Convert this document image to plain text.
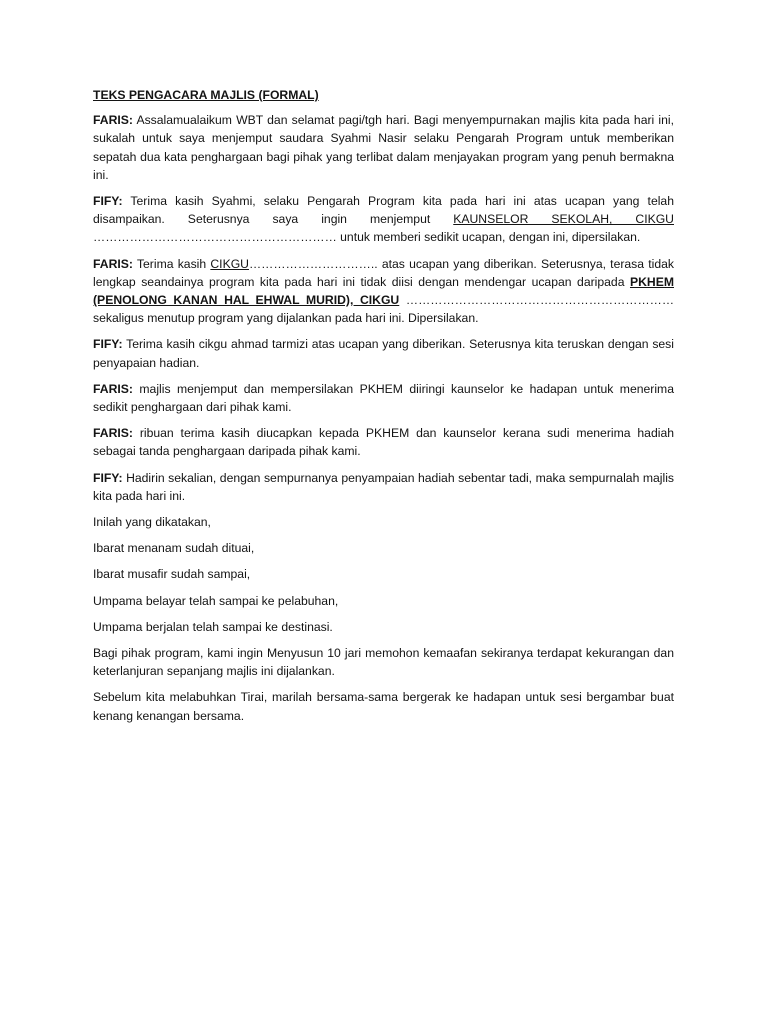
TEKS PENGACARA MAJLIS (FORMAL)

FARIS: Assalamualaikum WBT dan selamat pagi/tgh hari. Bagi menyempurnakan majlis kita pada hari ini, sukalah untuk saya menjemput saudara Syahmi Nasir selaku Pengarah Program untuk memberikan sepatah dua kata penghargaan bagi pihak yang terlibat dalam menjayakan program yang penuh bermakna ini.

FIFY: Terima kasih Syahmi, selaku Pengarah Program kita pada hari ini atas ucapan yang telah disampaikan. Seterusnya saya ingin menjemput KAUNSELOR SEKOLAH, CIKGU …………………………………………………… untuk memberi sedikit ucapan, dengan ini, dipersilakan.

FARIS: Terima kasih CIKGU………………………….. atas ucapan yang diberikan. Seterusnya, terasa tidak lengkap seandainya program kita pada hari ini tidak diisi dengan mendengar ucapan daripada PKHEM (PENOLONG KANAN HAL EHWAL MURID), CIKGU ………………………………………………………… sekaligus menutup program yang dijalankan pada hari ini. Dipersilakan.

FIFY: Terima kasih cikgu ahmad tarmizi atas ucapan yang diberikan. Seterusnya kita teruskan dengan sesi penyapaian hadian.

FARIS: majlis menjemput dan mempersilakan PKHEM diiringi kaunselor ke hadapan untuk menerima sedikit penghargaan dari pihak kami.

FARIS: ribuan terima kasih diucapkan kepada PKHEM dan kaunselor kerana sudi menerima hadiah sebagai tanda penghargaan daripada pihak kami.

FIFY: Hadirin sekalian, dengan sempurnanya penyampaian hadiah sebentar tadi, maka sempurnalah majlis kita pada hari ini.

Inilah yang dikatakan,

Ibarat menanam sudah dituai,

Ibarat musafir sudah sampai,

Umpama belayar telah sampai ke pelabuhan,

Umpama berjalan telah sampai ke destinasi.

Bagi pihak program, kami ingin Menyusun 10 jari memohon kemaafan sekiranya terdapat kekurangan dan keterlanjuran sepanjang majlis ini dijalankan.

Sebelum kita melabuhkan Tirai, marilah bersama-sama bergerak ke hadapan untuk sesi bergambar buat kenang kenangan bersama.
